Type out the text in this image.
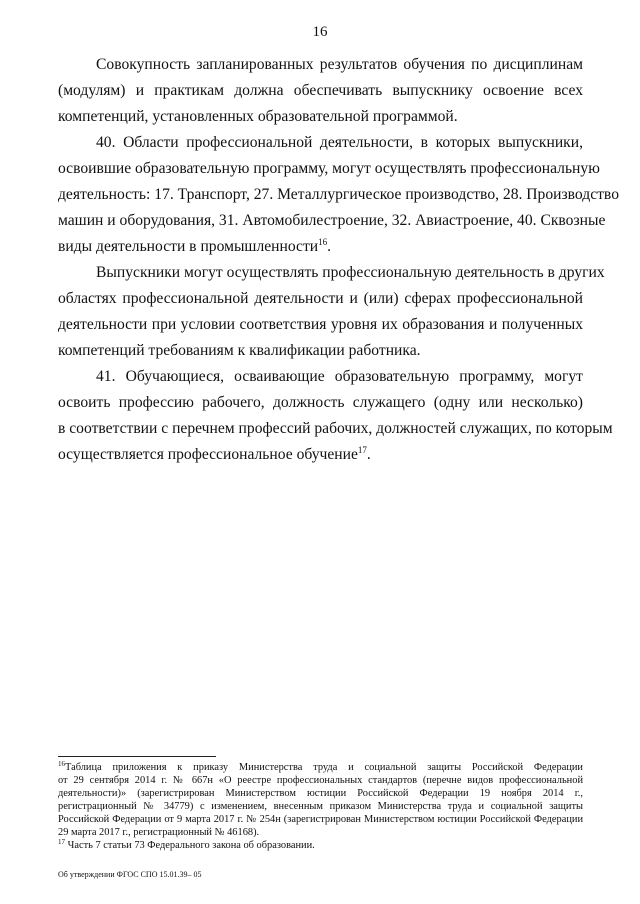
16
Совокупность запланированных результатов обучения по дисциплинам
(модулям) и практикам должна обеспечивать выпускнику освоение всех
компетенций, установленных образовательной программой.
40. Области профессиональной деятельности, в которых выпускники,
освоившие образовательную программу, могут осуществлять профессиональную
деятельность: 17. Транспорт, 27. Металлургическое производство, 28. Производство
машин и оборудования, 31. Автомобилестроение, 32. Авиастроение, 40. Сквозные
виды деятельности в промышленности$^{16}$.
Выпускники могут осуществлять профессиональную деятельность в других
областях профессиональной деятельности и (или) сферах профессиональной
деятельности при условии соответствия уровня их образования и полученных
компетенций требованиям к квалификации работника.
41. Обучающиеся, осваивающие образовательную программу, могут
освоить профессию рабочего, должность служащего (одну или несколько)
в соответствии с перечнем профессий рабочих, должностей служащих, по которым
осуществляется профессиональное обучение$^{17}$.
$^{16}$Таблица приложения к приказу Министерства труда и социальной защиты Российской Федерации
от 29 сентября 2014 г. № 667н «О реестре профессиональных стандартов (перечне видов профессиональной
деятельности)» (зарегистрирован Министерством юстиции Российской Федерации 19 ноября 2014 г.,
регистрационный № 34779) с изменением, внесенным приказом Министерства труда и социальной защиты
Российской Федерации от 9 марта 2017 г. № 254н (зарегистрирован Министерством юстиции Российской Федерации
29 марта 2017 г., регистрационный № 46168).
$^{17}$ Часть 7 статьи 73 Федерального закона об образовании.
Об утверждении ФГОС СПО 15.01.39– 05
